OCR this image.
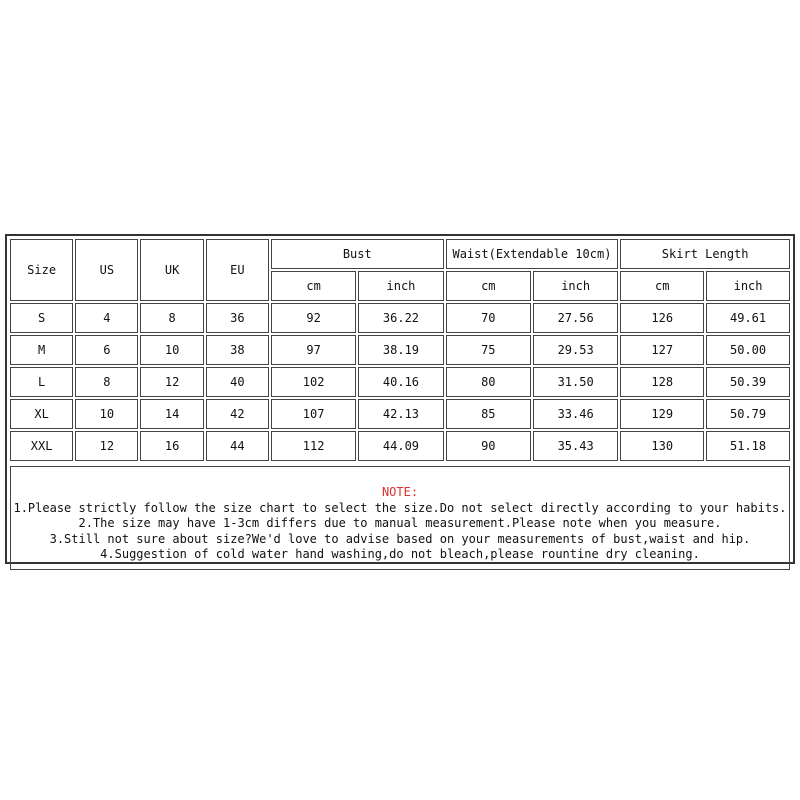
Size	US	UK	EU	Bust		Waist(Extendable 10cm)		Skirt Length	
				cm	inch	cm	inch	cm	inch
S	4	8	36	92	36.22	70	27.56	126	49.61
M	6	10	38	97	38.19	75	29.53	127	50.00
L	8	12	40	102	40.16	80	31.50	128	50.39
XL	10	14	42	107	42.13	85	33.46	129	50.79
XXL	12	16	44	112	44.09	90	35.43	130	51.18
NOTE:
1.Please strictly follow the size chart to select the size.Do not select directly according to your habits.
2.The size may have 1-3cm differs due to manual measurement.Please note when you measure.
3.Still not sure about size?We'd love to advise based on your measurements of bust,waist and hip.
4.Suggestion of cold water hand washing,do not bleach,please rountine dry cleaning.
